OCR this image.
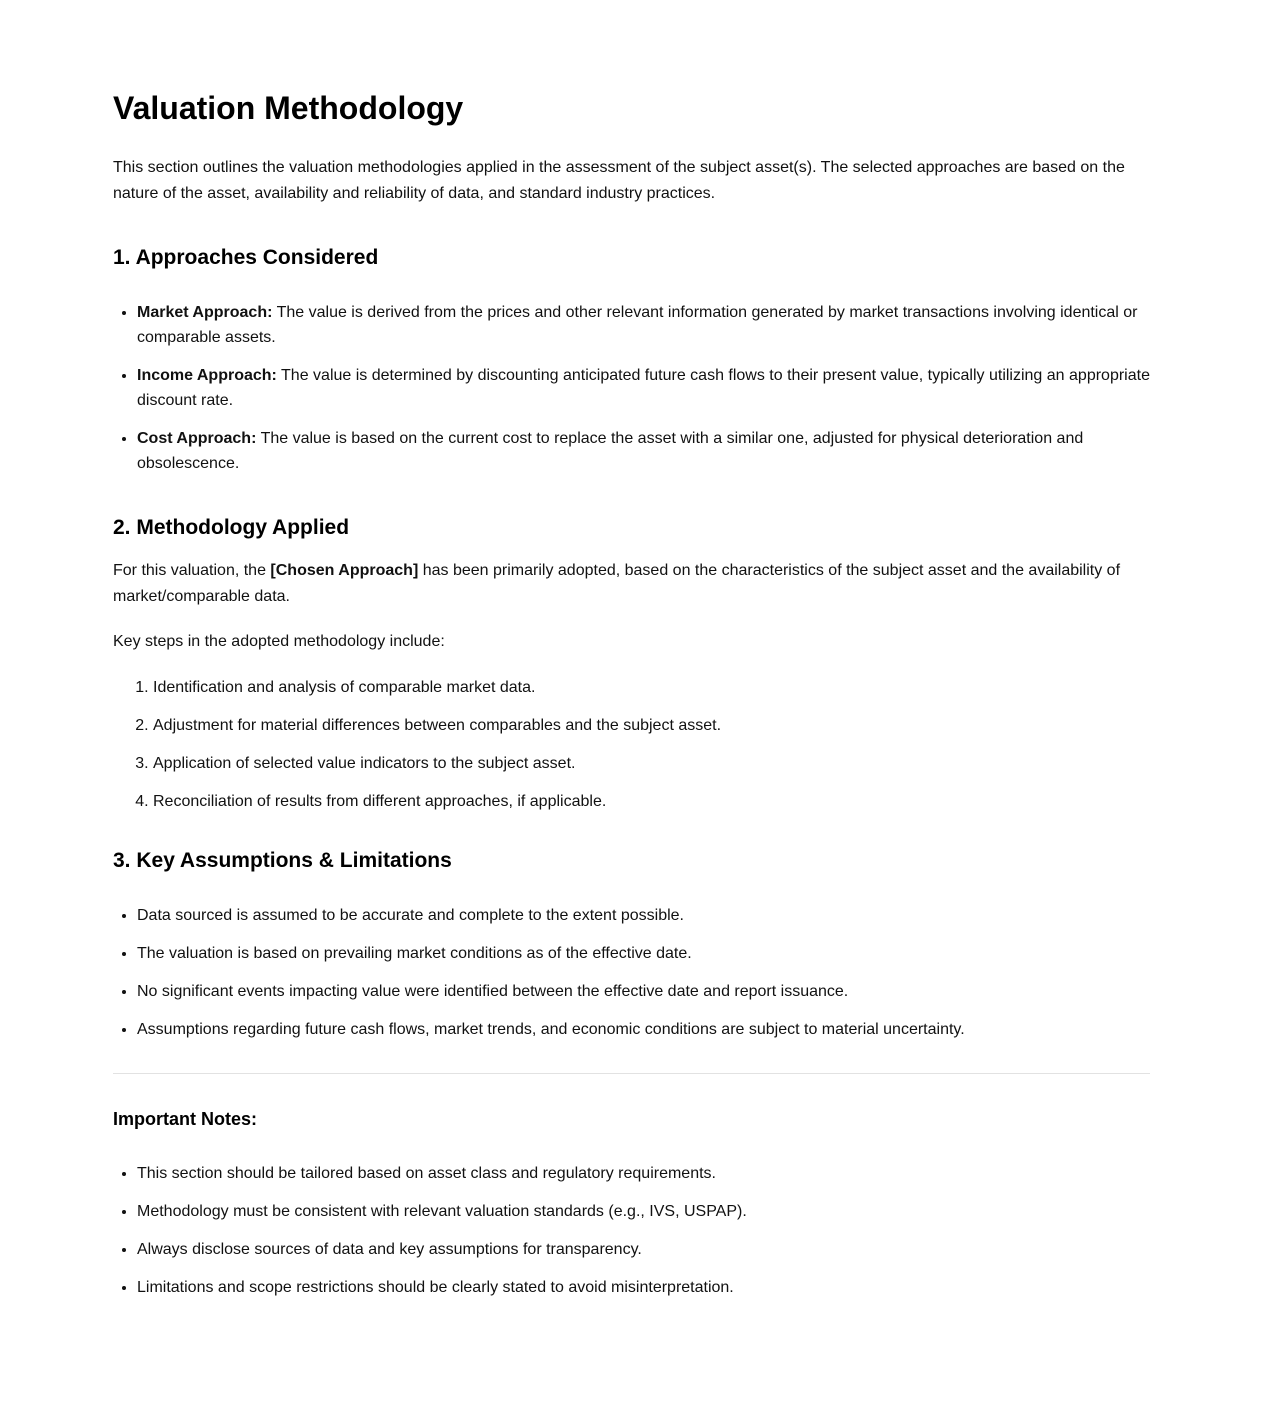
Valuation Methodology

This section outlines the valuation methodologies applied in the assessment of the subject asset(s). The selected approaches are based on the nature of the asset, availability and reliability of data, and standard industry practices.

1. Approaches Considered
• Market Approach: The value is derived from the prices and other relevant information generated by market transactions involving identical or comparable assets.
• Income Approach: The value is determined by discounting anticipated future cash flows to their present value, typically utilizing an appropriate discount rate.
• Cost Approach: The value is based on the current cost to replace the asset with a similar one, adjusted for physical deterioration and obsolescence.
2. Methodology Applied

For this valuation, the [Chosen Approach] has been primarily adopted, based on the characteristics of the subject asset and the availability of market/comparable data.

Key steps in the adopted methodology include:

1. Identification and analysis of comparable market data.
2. Adjustment for material differences between comparables and the subject asset.
3. Application of selected value indicators to the subject asset.
4. Reconciliation of results from different approaches, if applicable.
3. Key Assumptions & Limitations
• Data sourced is assumed to be accurate and complete to the extent possible.
• The valuation is based on prevailing market conditions as of the effective date.
• No significant events impacting value were identified between the effective date and report issuance.
• Assumptions regarding future cash flows, market trends, and economic conditions are subject to material uncertainty.
Important Notes:
• This section should be tailored based on asset class and regulatory requirements.
• Methodology must be consistent with relevant valuation standards (e.g., IVS, USPAP).
• Always disclose sources of data and key assumptions for transparency.
• Limitations and scope restrictions should be clearly stated to avoid misinterpretation.
